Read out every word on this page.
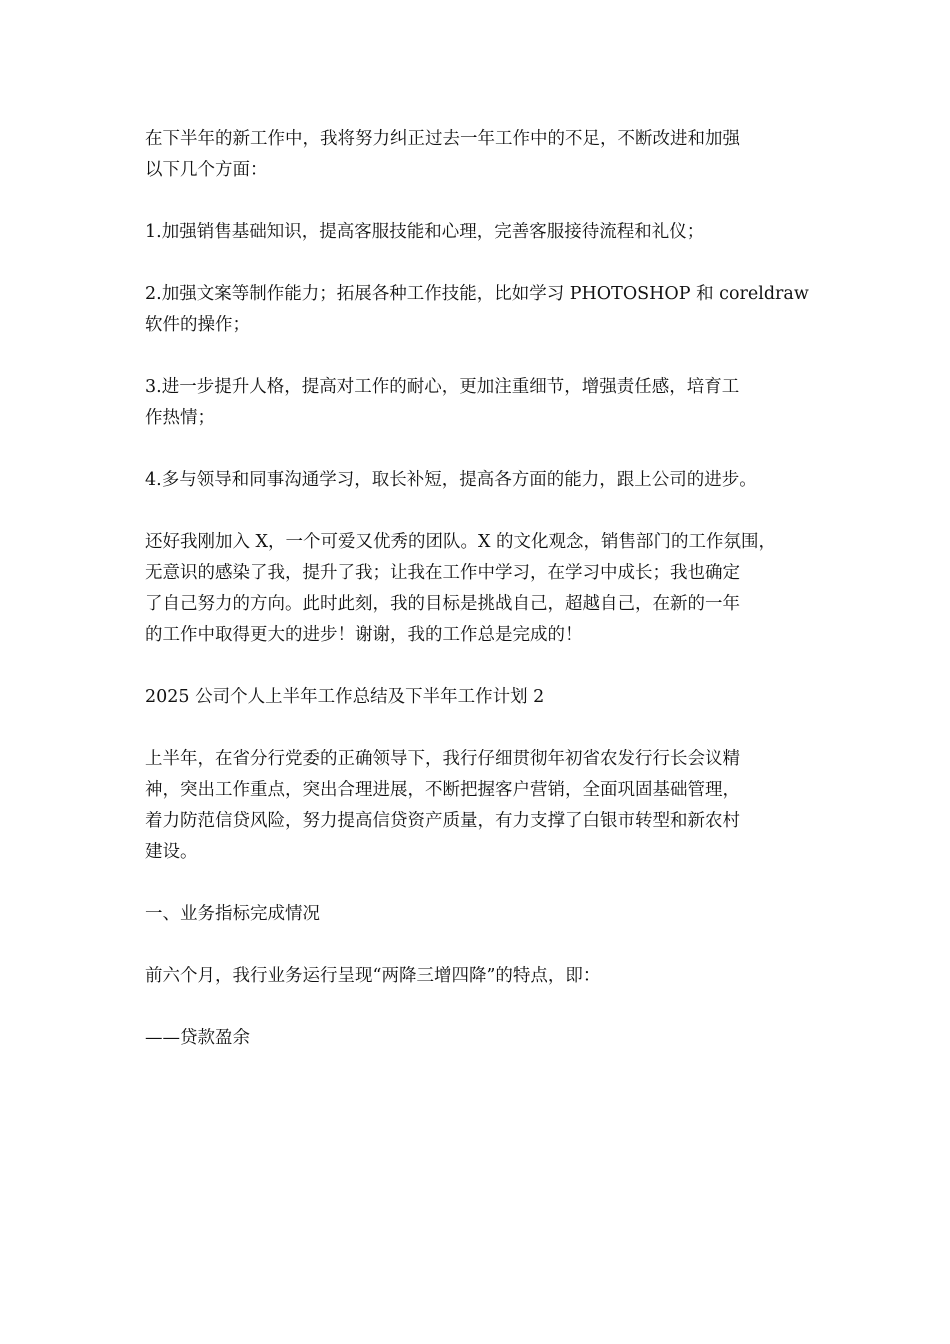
在下半年的新工作中，我将努力纠正过去一年工作中的不足，不断改进和加强
以下几个方面：

1.加强销售基础知识，提高客服技能和心理，完善客服接待流程和礼仪；

2.加强文案等制作能力；拓展各种工作技能，比如学习 PHOTOSHOP 和 coreldraw
软件的操作；

3.进一步提升人格，提高对工作的耐心，更加注重细节，增强责任感，培育工
作热情；

4.多与领导和同事沟通学习，取长补短，提高各方面的能力，跟上公司的进步。

还好我刚加入 X，一个可爱又优秀的团队。X 的文化观念，销售部门的工作氛围，
无意识的感染了我，提升了我；让我在工作中学习，在学习中成长；我也确定
了自己努力的方向。此时此刻，我的目标是挑战自己，超越自己，在新的一年
的工作中取得更大的进步！谢谢，我的工作总是完成的！

2025 公司个人上半年工作总结及下半年工作计划 2

上半年，在省分行党委的正确领导下，我行仔细贯彻年初省农发行行长会议精
神，突出工作重点，突出合理进展，不断把握客户营销，全面巩固基础管理，
着力防范信贷风险，努力提高信贷资产质量，有力支撑了白银市转型和新农村
建设。

一、业务指标完成情况

前六个月，我行业务运行呈现“两降三增四降”的特点，即：

——贷款盈余
